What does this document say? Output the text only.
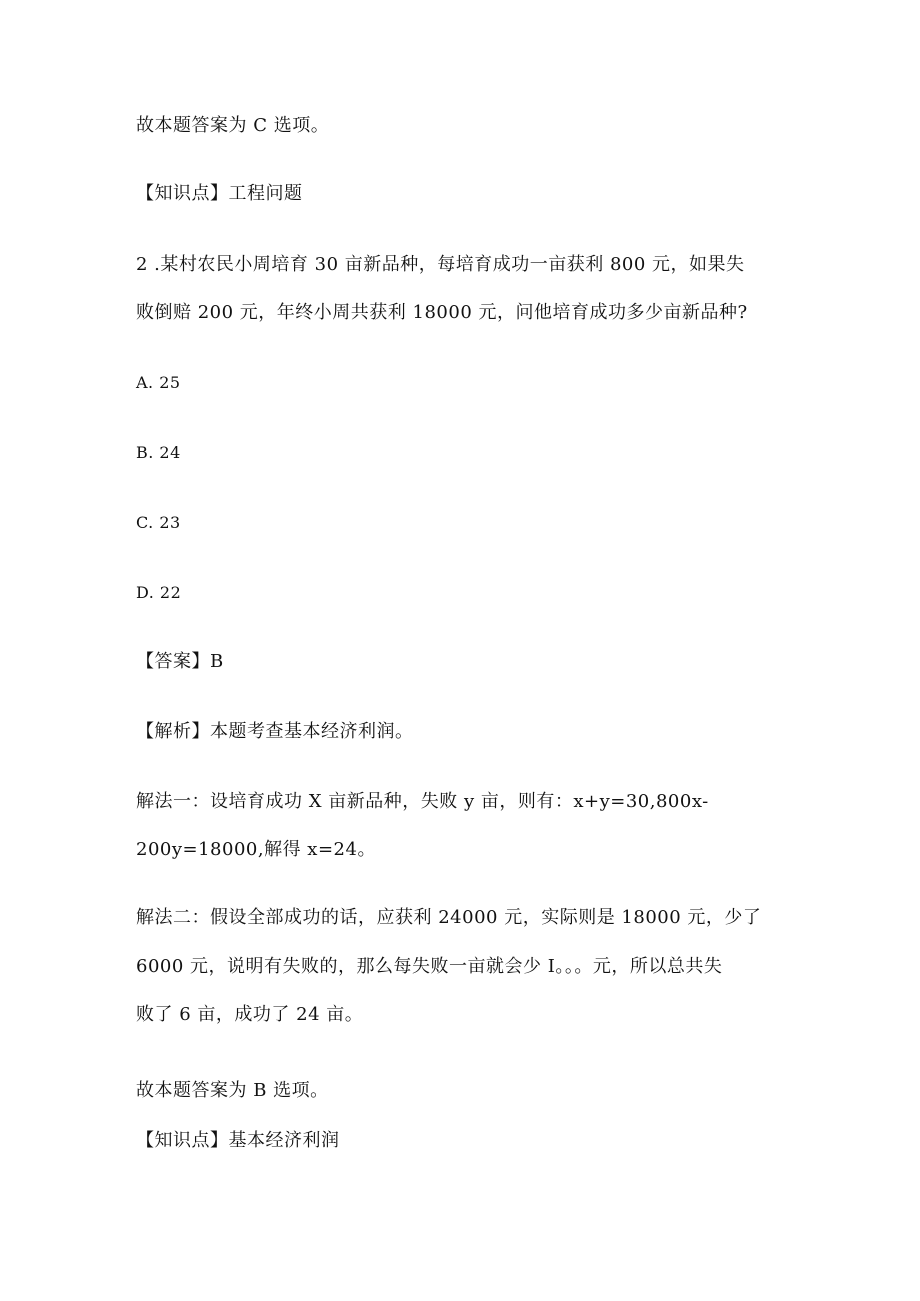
故本题答案为 C 选项。
【知识点】工程问题
2 .某村农民小周培育 30 亩新品种，每培育成功一亩获利 800 元，如果失
败倒赔 200 元，年终小周共获利 18000 元，问他培育成功多少亩新品种?
A. 25
B. 24
C. 23
D. 22
【答案】B
【解析】本题考查基本经济利润。
解法一：设培育成功 X 亩新品种，失败 y 亩，则有：x+y=30,800x-
200y=18000,解得 x=24。
解法二：假设全部成功的话，应获利 24000 元，实际则是 18000 元，少了
6000 元，说明有失败的，那么每失败一亩就会少 I。。。元，所以总共失
败了 6 亩，成功了 24 亩。
故本题答案为 B 选项。
【知识点】基本经济利润
